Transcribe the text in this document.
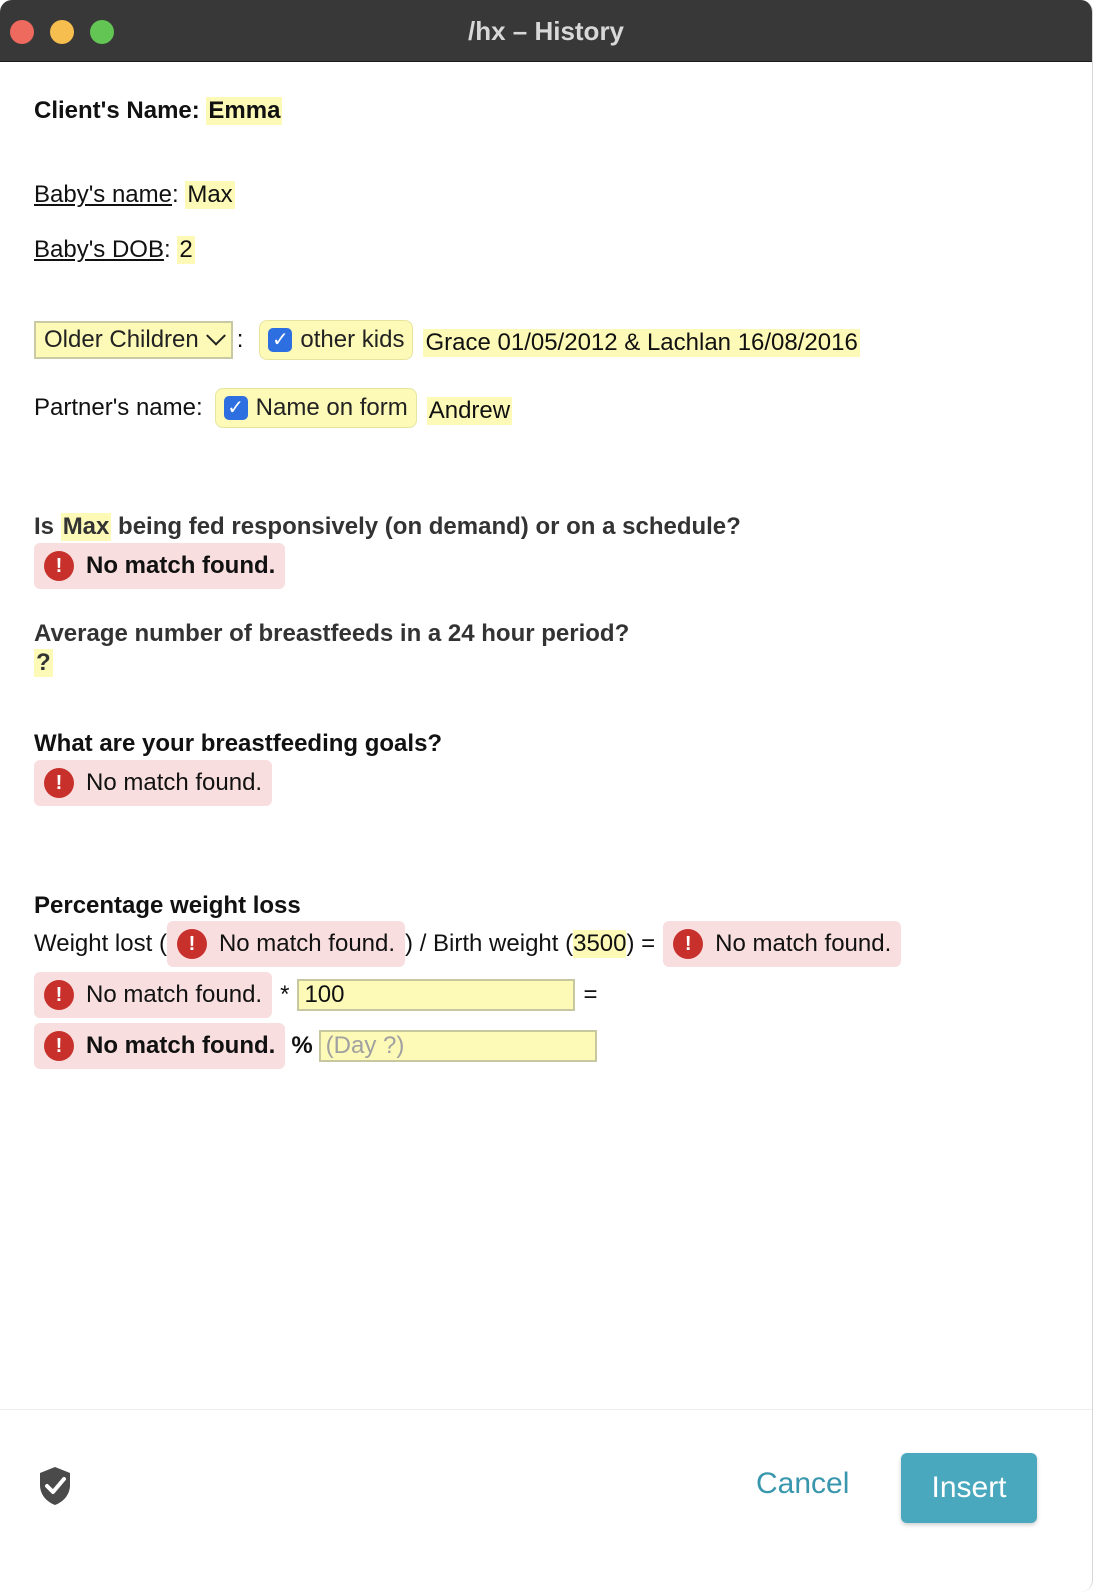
/hx – History
Client's Name:
Emma
Baby's name :
Max
Baby's DOB :
2
Older Children : ✓ other kids Grace 01/05/2012 & Lachlan 16/08/2016
Partner's name: ✓ Name on form Andrew
Is
Max
being fed responsively (on demand) or on a schedule?
! No match found.
Average number of breastfeeds in a 24 hour period?
?
What are your breastfeeding goals?
! No match found.
Percentage weight loss
Weight lost (	! No match found. ) / Birth weight ( 3500 ) =	! No match found.
! No match found. *
100	=
! No match found. %
(Day ?)
Cancel	Insert
